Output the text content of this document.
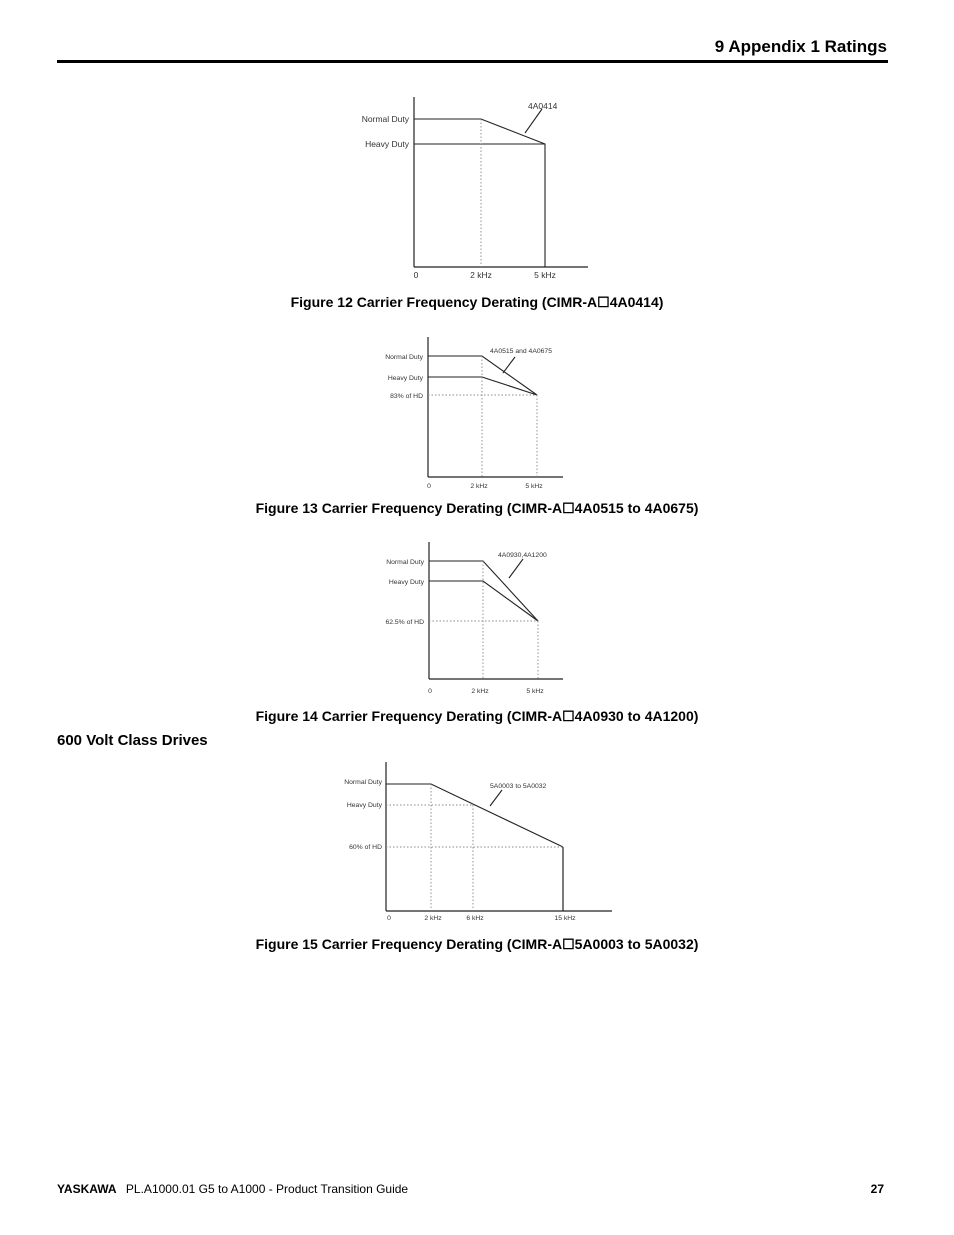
9 Appendix 1 Ratings
Normal Duty
Heavy Duty
4A0414
0	2 kHz	5 kHz
Figure 12 Carrier Frequency Derating (CIMR-A☐4A0414)
Normal Duty
Heavy Duty
83% of HD
4A0515 and 4A0675
0	2 kHz	5 kHz
Figure 13 Carrier Frequency Derating (CIMR-A☐4A0515 to 4A0675)
Normal Duty
Heavy Duty
62.5% of HD
4A0930,4A1200
0	2 kHz	5 kHz
Figure 14 Carrier Frequency Derating (CIMR-A☐4A0930 to 4A1200)
600 Volt Class Drives
Normal Duty
Heavy Duty
60% of HD
5A0003 to 5A0032
0	2 kHz	6 kHz	15 kHz
Figure 15 Carrier Frequency Derating (CIMR-A☐5A0003 to 5A0032)
YASKAWA PL.A1000.01 G5 to A1000 - Product Transition Guide	27
